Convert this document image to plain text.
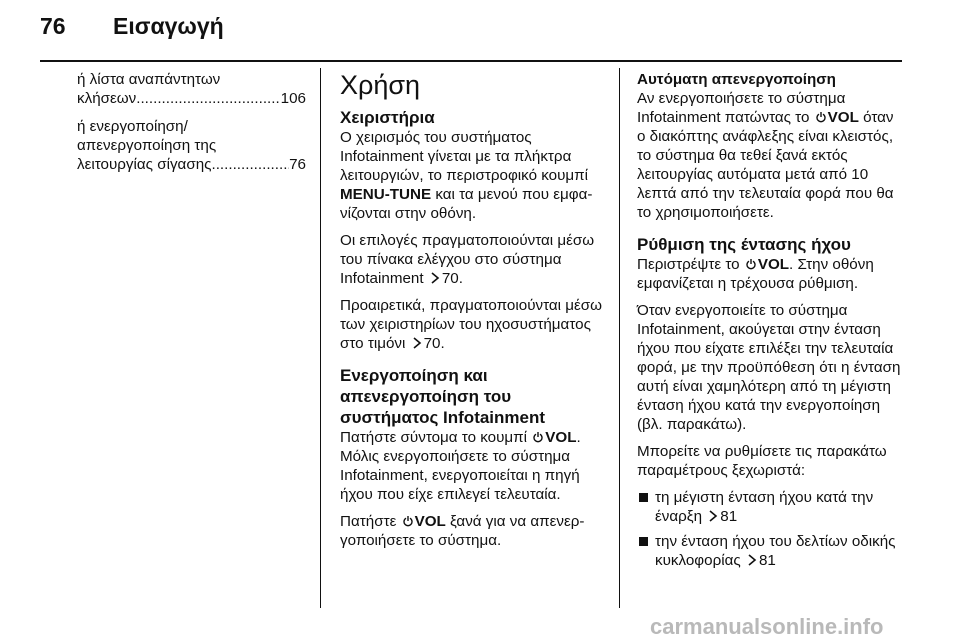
76 Εισαγωγή
ή λίστα αναπάντητων
κλήσεων .....	106
ή ενεργοποίηση/
απενεργοποίηση της
λειτουργίας σίγασης .....	76
Χρήση
Χειριστήρια

Ο χειρισμός του συστήματος Infotainment γίνεται με τα πλήκτρα λειτουργιών, το περιστροφικό κουμπί MENU-TUNE και τα μενού που εμφανίζονται στην οθόνη.

Οι επιλογές πραγματοποιούνται μέσω του πίνακα ελέγχου στο σύστημα Infotainment 70.

Προαιρετικά, πραγματοποιούνται μέσω των χειριστηρίων του ηχοσυστήματος στο τιμόνι 70.

Ενεργοποίηση και
απενεργοποίηση του
συστήματος Infotainment

Πατήστε σύντομα το κουμπί VOL. Μόλις ενεργοποιήσετε το σύστημα Infotainment, ενεργοποιείται η πηγή ήχου που είχε επιλεγεί τελευταία.

Πατήστε VOL ξανά για να απενεργοποιήσετε το σύστημα.

Αυτόματη απενεργοποίηση

Αν ενεργοποιήσετε το σύστημα Infotainment πατώντας το VOL όταν ο διακόπτης ανάφλεξης είναι κλειστός, το σύστημα θα τεθεί ξανά εκτός λειτουργίας αυτόματα μετά από 10 λεπτά από την τελευταία φορά που θα το χρησιμοποιήσετε.

Ρύθμιση της έντασης ήχου

Περιστρέψτε το VOL. Στην οθόνη εμφανίζεται η τρέχουσα ρύθμιση.

Όταν ενεργοποιείτε το σύστημα Infotainment, ακούγεται στην ένταση ήχου που είχατε επιλέξει την τελευταία φορά, με την προϋπόθεση ότι η ένταση αυτή είναι χαμηλότερη από τη μέγιστη ένταση ήχου κατά την ενεργοποίηση (βλ. παρακάτω).

Μπορείτε να ρυθμίσετε τις παρακάτω παραμέτρους ξεχωριστά:

τη μέγιστη ένταση ήχου κατά την έναρξη 81
την ένταση ήχου του δελτίων οδικής κυκλοφορίας 81
carmanualsonline.info
